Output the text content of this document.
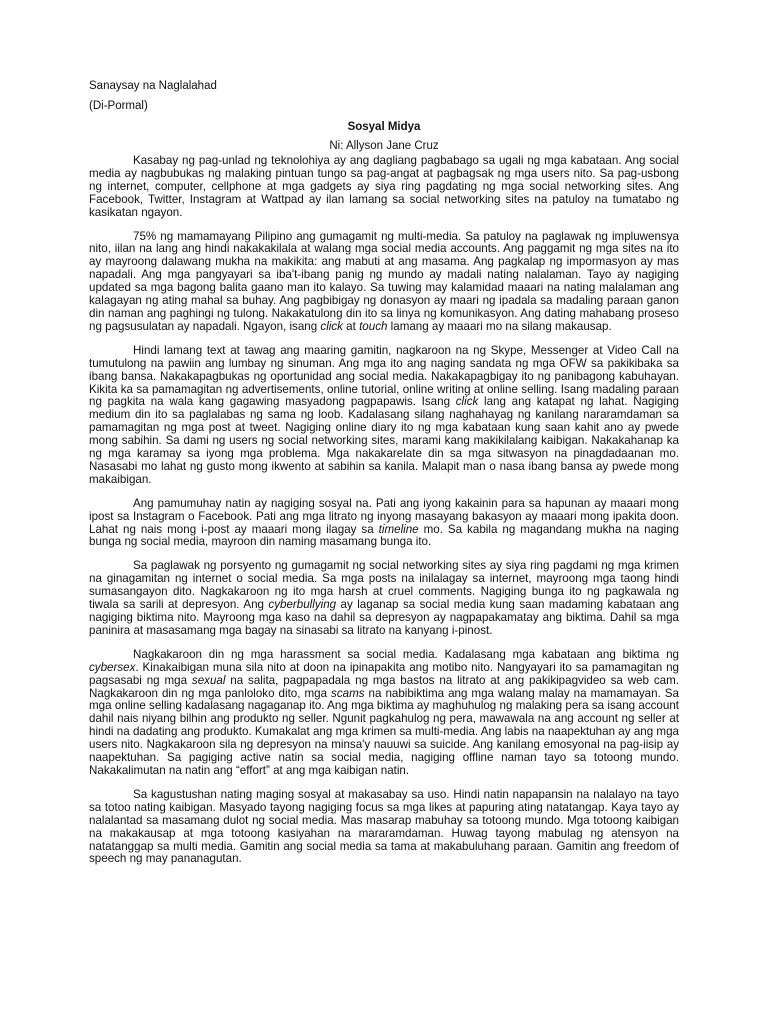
Sanaysay na Naglalahad
(Di-Pormal)
Sosyal Midya
Ni: Allyson Jane Cruz

Kasabay ng pag-unlad ng teknolohiya ay ang dagliang pagbabago sa ugali ng mga kabataan. Ang social media ay nagbubukas ng malaking pintuan tungo sa pag-angat at pagbagsak ng mga users nito. Sa pag-usbong ng internet, computer, cellphone at mga gadgets ay siya ring pagdating ng mga social networking sites. Ang Facebook, Twitter, Instagram at Wattpad ay ilan lamang sa social networking sites na patuloy na tumatabo ng kasikatan ngayon.

75% ng mamamayang Pilipino ang gumagamit ng multi-media. Sa patuloy na paglawak ng impluwensya nito, iilan na lang ang hindi nakakakilala at walang mga social media accounts. Ang paggamit ng mga sites na ito ay mayroong dalawang mukha na makikita: ang mabuti at ang masama. Ang pagkalap ng impormasyon ay mas napadali. Ang mga pangyayari sa iba't-ibang panig ng mundo ay madali nating nalalaman. Tayo ay nagiging updated sa mga bagong balita gaano man ito kalayo. Sa tuwing may kalamidad maaari na nating malalaman ang kalagayan ng ating mahal sa buhay. Ang pagbibigay ng donasyon ay maari ng ipadala sa madaling paraan ganon din naman ang paghingi ng tulong. Nakakatulong din ito sa linya ng komunikasyon. Ang dating mahabang proseso ng pagsusulatan ay napadali. Ngayon, isang click at touch lamang ay maaari mo na silang makausap.

Hindi lamang text at tawag ang maaring gamitin, nagkaroon na ng Skype, Messenger at Video Call na tumutulong na pawiin ang lumbay ng sinuman. Ang mga ito ang naging sandata ng mga OFW sa pakikibaka sa ibang bansa. Nakakapagbukas ng oportunidad ang social media. Nakakapagbigay ito ng panibagong kabuhayan. Kikita ka sa pamamagitan ng advertisements, online tutorial, online writing at online selling. Isang madaling paraan ng pagkita na wala kang gagawing masyadong pagpapawis. Isang click lang ang katapat ng lahat. Nagiging medium din ito sa paglalabas ng sama ng loob. Kadalasang silang naghahayag ng kanilang nararamdaman sa pamamagitan ng mga post at tweet. Nagiging online diary ito ng mga kabataan kung saan kahit ano ay pwede mong sabihin. Sa dami ng users ng social networking sites, marami kang makikilalang kaibigan. Nakakahanap ka ng mga karamay sa iyong mga problema. Mga nakakarelate din sa mga sitwasyon na pinagdadaanan mo. Nasasabi mo lahat ng gusto mong ikwento at sabihin sa kanila. Malapit man o nasa ibang bansa ay pwede mong makaibigan.

Ang pamumuhay natin ay nagiging sosyal na. Pati ang iyong kakainin para sa hapunan ay maaari mong ipost sa Instagram o Facebook. Pati ang mga litrato ng inyong masayang bakasyon ay maaari mong ipakita doon. Lahat ng nais mong i-post ay maaari mong ilagay sa timeline mo. Sa kabila ng magandang mukha na naging bunga ng social media, mayroon din naming masamang bunga ito.

Sa paglawak ng porsyento ng gumagamit ng social networking sites ay siya ring pagdami ng mga krimen na ginagamitan ng internet o social media. Sa mga posts na inilalagay sa internet, mayroong mga taong hindi sumasangayon dito. Nagkakaroon ng ito mga harsh at cruel comments. Nagiging bunga ito ng pagkawala ng tiwala sa sarili at depresyon. Ang cyberbullying ay laganap sa social media kung saan madaming kabataan ang nagiging biktima nito. Mayroong mga kaso na dahil sa depresyon ay nagpapakamatay ang biktima. Dahil sa mga paninira at masasamang mga bagay na sinasabi sa litrato na kanyang i-pinost.

Nagkakaroon din ng mga harassment sa social media. Kadalasang mga kabataan ang biktima ng cybersex. Kinakaibigan muna sila nito at doon na ipinapakita ang motibo nito. Nangyayari ito sa pamamagitan ng pagsasabi ng mga sexual na salita, pagpapadala ng mga bastos na litrato at ang pakikipagvideo sa web cam. Nagkakaroon din ng mga panloloko dito, mga scams na nabibiktima ang mga walang malay na mamamayan. Sa mga online selling kadalasang nagaganap ito. Ang mga biktima ay maghuhulog ng malaking pera sa isang account dahil nais niyang bilhin ang produkto ng seller. Ngunit pagkahulog ng pera, mawawala na ang account ng seller at hindi na dadating ang produkto. Kumakalat ang mga krimen sa multi-media. Ang labis na naapektuhan ay ang mga users nito. Nagkakaroon sila ng depresyon na minsa'y nauuwi sa suicide. Ang kanilang emosyonal na pag-iisip ay naapektuhan. Sa pagiging active natin sa social media, nagiging offline naman tayo sa totoong mundo. Nakakalimutan na natin ang “effort” at ang mga kaibigan natin.

Sa kagustushan nating maging sosyal at makasabay sa uso. Hindi natin napapansin na nalalayo na tayo sa totoo nating kaibigan. Masyado tayong nagiging focus sa mga likes at papuring ating natatangap. Kaya tayo ay nalalantad sa masamang dulot ng social media. Mas masarap mabuhay sa totoong mundo. Mga totoong kaibigan na makakausap at mga totoong kasiyahan na mararamdaman. Huwag tayong mabulag ng atensyon na natatanggap sa multi media. Gamitin ang social media sa tama at makabuluhang paraan. Gamitin ang freedom of speech ng may pananagutan.
